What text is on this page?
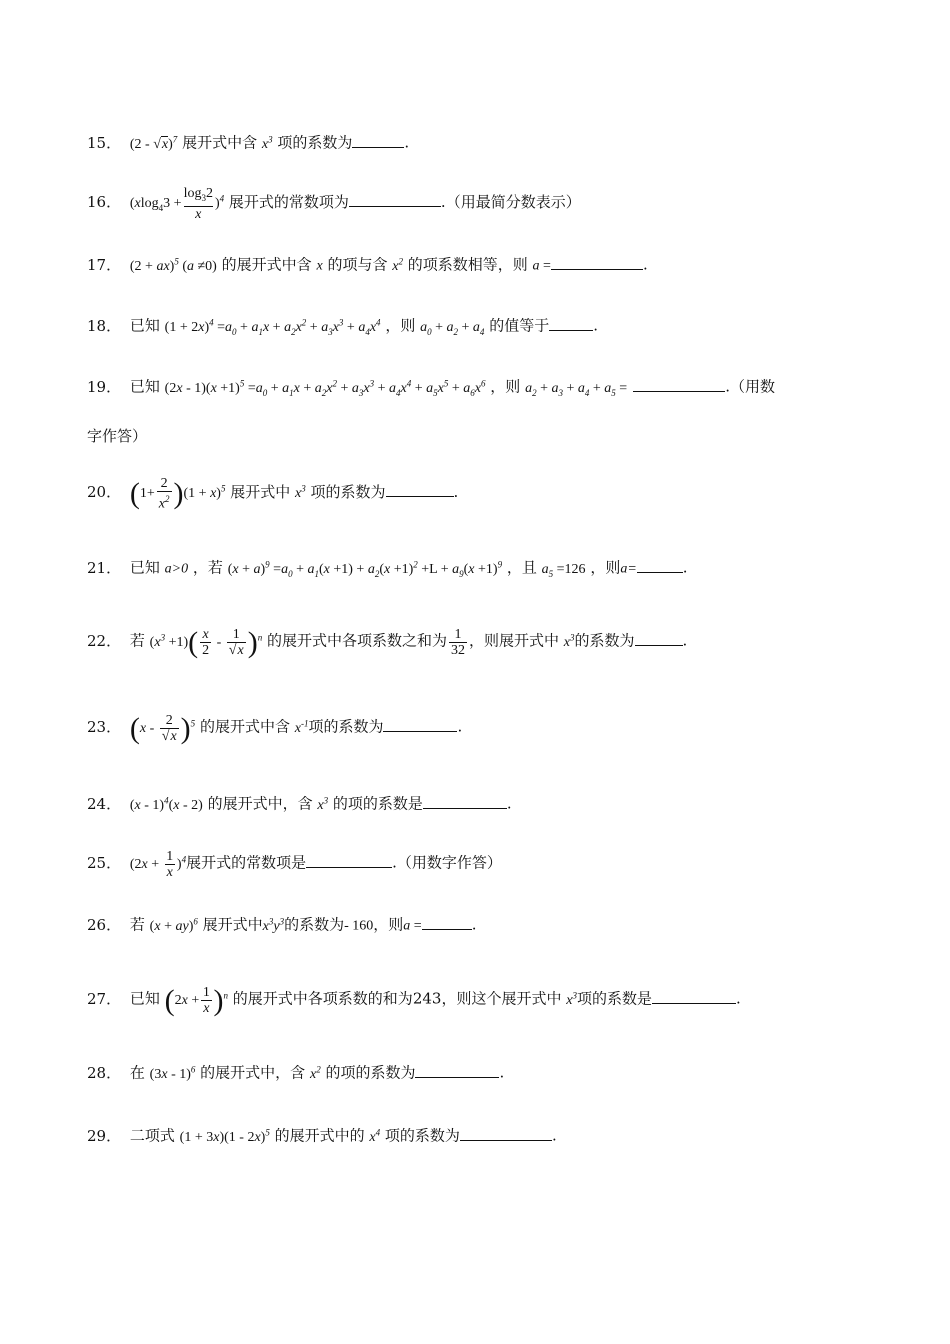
15． (2 - √x)$^7$ 展开式中含 $x^3$ 项的系数为	.
16． $(xlog_43 + \frac{\log_32}{x} )^4$ 展开式的常数项为	.（用最简分数表示）
17． (2 + ax)$^5$ (a ≠0) 的展开式中含 x 的项与含 $x^2$ 的项系数相等，则 a =	.
18． 已知 $(1 + 2x)^4 =a_0 + a_1x + a_2x^2 + a_3x^3 + a_4x^4$ ，则 $a_0 + a_2 + a_4$ 的值等于	.
19． 已知 $(2x - 1)(x +1)^5 =a_0 + a_1x + a_2x^2 + a_3x^3 + a_4x^4 + a_5x^5 + a_6x^6$ ，则 $a_2 + a_3 + a_4 + a_5$ =	.（用数
字作答）
20． $(1+ \frac{2}{x^2} )(1 + x)^5$ 展开式中 $x^3$ 项的系数为	.
21． 已知 a>0 ，若 $(x + a)^9 =a_0 + a_1(x +1) + a_2(x +1)^2 +L + a_9(x +1)^9$ ，且 $a_5 =126$ ，则a=	.
22． 若 $(x^3 +1)( \frac{x}{2} - \frac{1}{√x} )^n$ 的展开式中各项系数之和为 $\frac{1}{32}$ ，则展开式中 $x^3$的系数为	.
23． $(x - \frac{2}{√x} )^5$ 的展开式中含 $x^{-1}$项的系数为	.
24． (x - 1)$^4$(x - 2) 的展开式中，含 $x^3$ 的项的系数是	.
25． $(2x + \frac{1}{x} )^4$展开式的常数项是	.（用数字作答）
26． 若 (x + ay)$^6$ 展开式中$x^3y^3$的系数为- 160，则a =	.
27． 已知 $(2x + \frac{1}{x} )^n$ 的展开式中各项系数的和为243，则这个展开式中 $x^3$项的系数是	.
28． 在 (3x - 1)$^6$ 的展开式中，含 $x^2$ 的项的系数为	.
29． 二项式 (1 + 3x)(1 - 2x)$^5$ 的展开式中的 $x^4$ 项的系数为	.
